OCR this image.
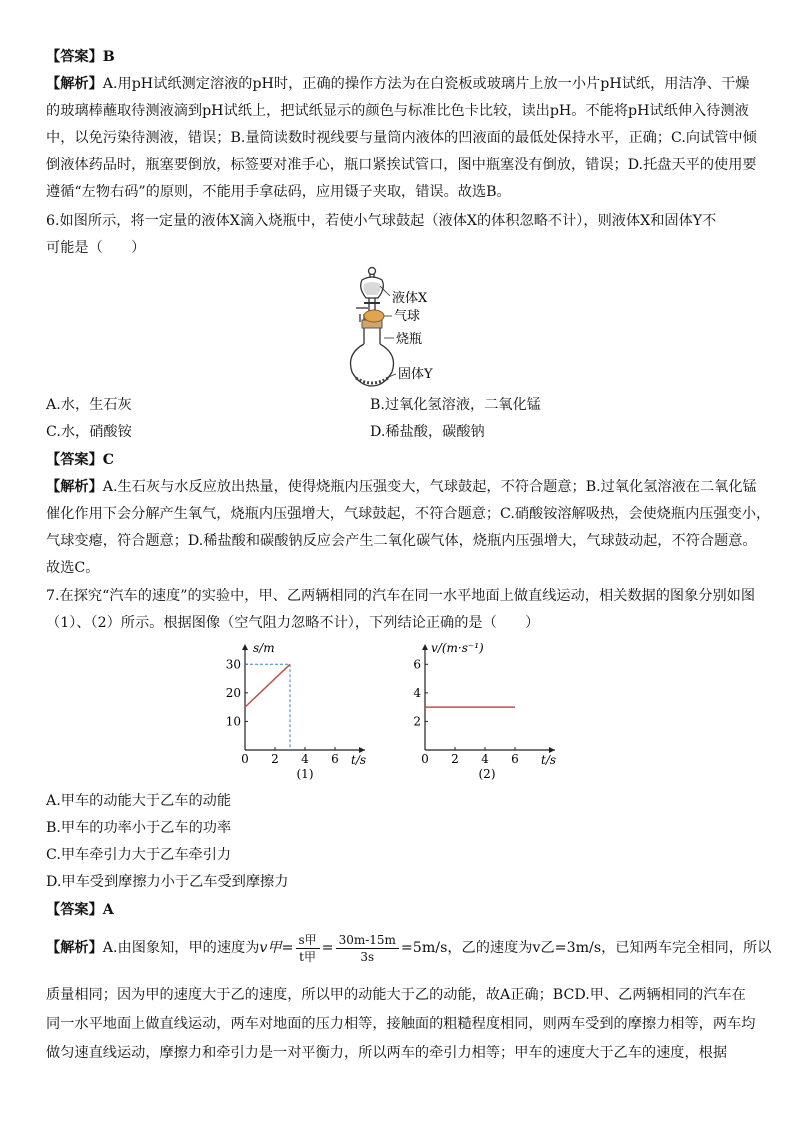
【答案】B
【解析】A.用pH试纸测定溶液的pH时，正确的操作方法为在白瓷板或玻璃片上放一小片pH试纸，用洁净、干燥
的玻璃棒蘸取待测液滴到pH试纸上，把试纸显示的颜色与标准比色卡比较，读出pH。不能将pH试纸伸入待测液
中，以免污染待测液，错误；B.量筒读数时视线要与量筒内液体的凹液面的最低处保持水平，正确；C.向试管中倾
倒液体药品时，瓶塞要倒放，标签要对准手心，瓶口紧挨试管口，图中瓶塞没有倒放，错误；D.托盘天平的使用要
遵循“左物右码”的原则，不能用手拿砝码，应用镊子夹取，错误。故选B。
6.如图所示，将一定量的液体X滴入烧瓶中，若使小气球鼓起（液体X的体积忽略不计），则液体X和固体Y不
可能是（　　）
液体X
气球
烧瓶
固体Y
A.水，生石灰	B.过氧化氢溶液，二氧化锰
C.水，硝酸铵	D.稀盐酸，碳酸钠
【答案】C
【解析】A.生石灰与水反应放出热量，使得烧瓶内压强变大，气球鼓起，不符合题意；B.过氧化氢溶液在二氧化锰
催化作用下会分解产生氧气，烧瓶内压强增大，气球鼓起，不符合题意；C.硝酸铵溶解吸热，会使烧瓶内压强变小，
气球变瘪，符合题意；D.稀盐酸和碳酸钠反应会产生二氧化碳气体，烧瓶内压强增大，气球鼓动起，不符合题意。
故选C。
7.在探究“汽车的速度”的实验中，甲、乙两辆相同的汽车在同一水平地面上做直线运动，相关数据的图象分别如图
（1）、（2）所示。根据图像（空气阻力忽略不计），下列结论正确的是（　　）
0 2 4 6
10
20
30
s/m
t/s
(1)
0 2 4 6
2
4
6
v/(m·s⁻¹)
t/s
(2)
A.甲车的动能大于乙车的动能
B.甲车的功率小于乙车的功率
C.甲车牵引力大于乙车牵引力
D.甲车受到摩擦力小于乙车受到摩擦力
【答案】A
【解析】A.由图象知，甲的速度为v甲= $\frac{\text{s甲}}{\text{t甲}} = \frac{30m-15m}{3s} =5m/s$，乙的速度为v乙=3m/s，已知两车完全相同，所以
质量相同；因为甲的速度大于乙的速度，所以甲的动能大于乙的动能，故A正确；BCD.甲、乙两辆相同的汽车在
同一水平地面上做直线运动，两车对地面的压力相等，接触面的粗糙程度相同，则两车受到的摩擦力相等，两车均
做匀速直线运动，摩擦力和牵引力是一对平衡力，所以两车的牵引力相等；甲车的速度大于乙车的速度，根据
